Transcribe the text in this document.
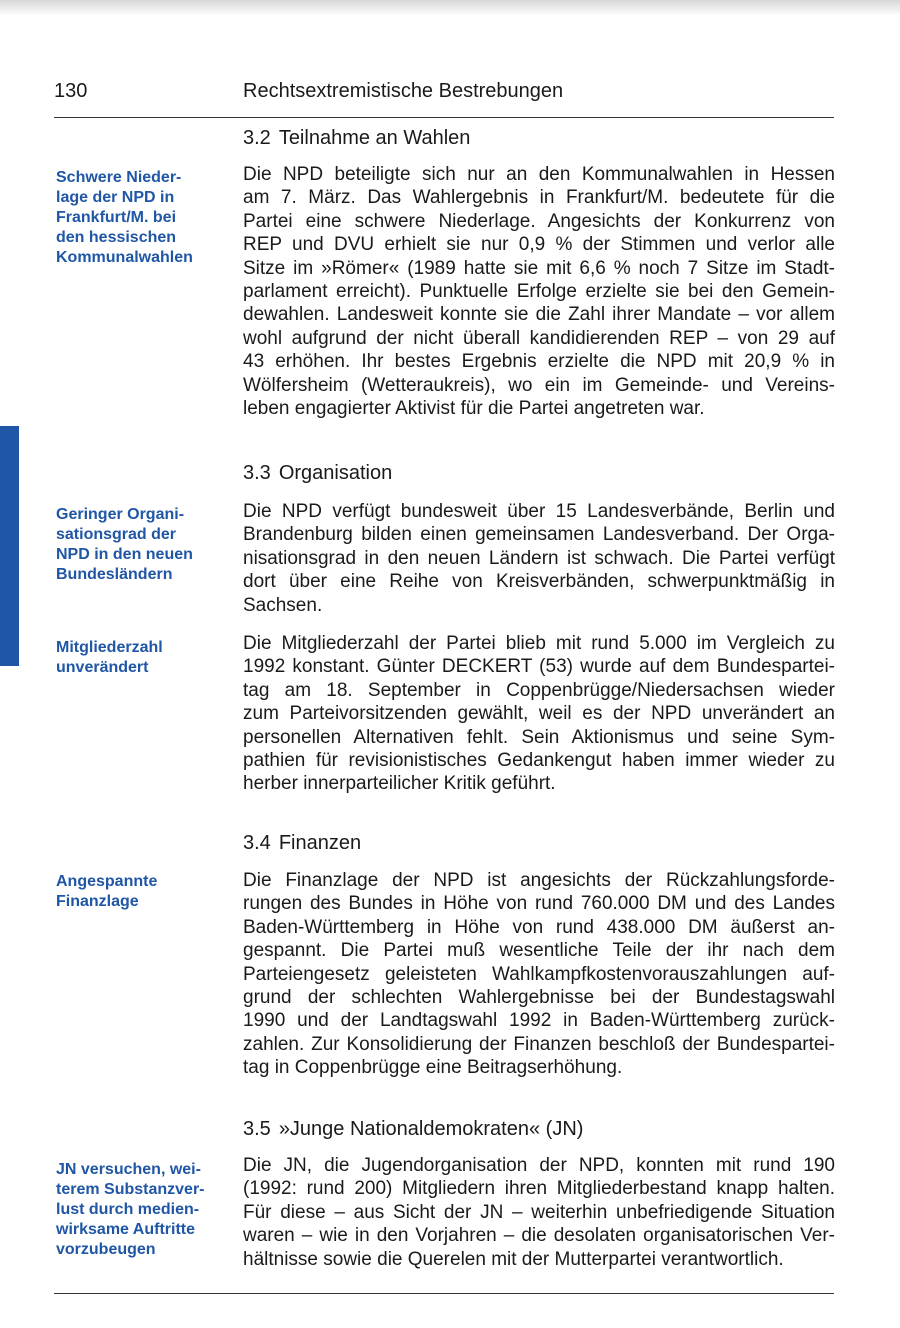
130	Rechtsextremistische Bestrebungen
3.2 Teilnahme an Wahlen
Schwere Nieder-
lage der NPD in
Frankfurt/M. bei
den hessischen
Kommunalwahlen
Die NPD beteiligte sich nur an den Kommunalwahlen in Hessen
am 7. März. Das Wahlergebnis in Frankfurt/M. bedeutete für die
Partei eine schwere Niederlage. Angesichts der Konkurrenz von
REP und DVU erhielt sie nur 0,9 % der Stimmen und verlor alle
Sitze im »Römer« (1989 hatte sie mit 6,6 % noch 7 Sitze im Stadt-
parlament erreicht). Punktuelle Erfolge erzielte sie bei den Gemein-
dewahlen. Landesweit konnte sie die Zahl ihrer Mandate – vor allem
wohl aufgrund der nicht überall kandidierenden REP – von 29 auf
43 erhöhen. Ihr bestes Ergebnis erzielte die NPD mit 20,9 % in
Wölfersheim (Wetteraukreis), wo ein im Gemeinde- und Vereins-
leben engagierter Aktivist für die Partei angetreten war.
3.3 Organisation
Geringer Organi-
sationsgrad der
NPD in den neuen
Bundesländern
Die NPD verfügt bundesweit über 15 Landesverbände, Berlin und
Brandenburg bilden einen gemeinsamen Landesverband. Der Orga-
nisationsgrad in den neuen Ländern ist schwach. Die Partei verfügt
dort über eine Reihe von Kreisverbänden, schwerpunktmäßig in
Sachsen.
Mitgliederzahl
unverändert
Die Mitgliederzahl der Partei blieb mit rund 5.000 im Vergleich zu
1992 konstant. Günter DECKERT (53) wurde auf dem Bundespartei-
tag am 18. September in Coppenbrügge/Niedersachsen wieder
zum Parteivorsitzenden gewählt, weil es der NPD unverändert an
personellen Alternativen fehlt. Sein Aktionismus und seine Sym-
pathien für revisionistisches Gedankengut haben immer wieder zu
herber innerparteilicher Kritik geführt.
3.4 Finanzen
Angespannte
Finanzlage
Die Finanzlage der NPD ist angesichts der Rückzahlungsforde-
rungen des Bundes in Höhe von rund 760.000 DM und des Landes
Baden-Württemberg in Höhe von rund 438.000 DM äußerst an-
gespannt. Die Partei muß wesentliche Teile der ihr nach dem
Parteiengesetz geleisteten Wahlkampfkostenvorauszahlungen auf-
grund der schlechten Wahlergebnisse bei der Bundestagswahl
1990 und der Landtagswahl 1992 in Baden-Württemberg zurück-
zahlen. Zur Konsolidierung der Finanzen beschloß der Bundespartei-
tag in Coppenbrügge eine Beitragserhöhung.
3.5 »Junge Nationaldemokraten« (JN)
JN versuchen, wei-
terem Substanzver-
lust durch medien-
wirksame Auftritte
vorzubeugen
Die JN, die Jugendorganisation der NPD, konnten mit rund 190
(1992: rund 200) Mitgliedern ihren Mitgliederbestand knapp halten.
Für diese – aus Sicht der JN – weiterhin unbefriedigende Situation
waren – wie in den Vorjahren – die desolaten organisatorischen Ver-
hältnisse sowie die Querelen mit der Mutterpartei verantwortlich.
